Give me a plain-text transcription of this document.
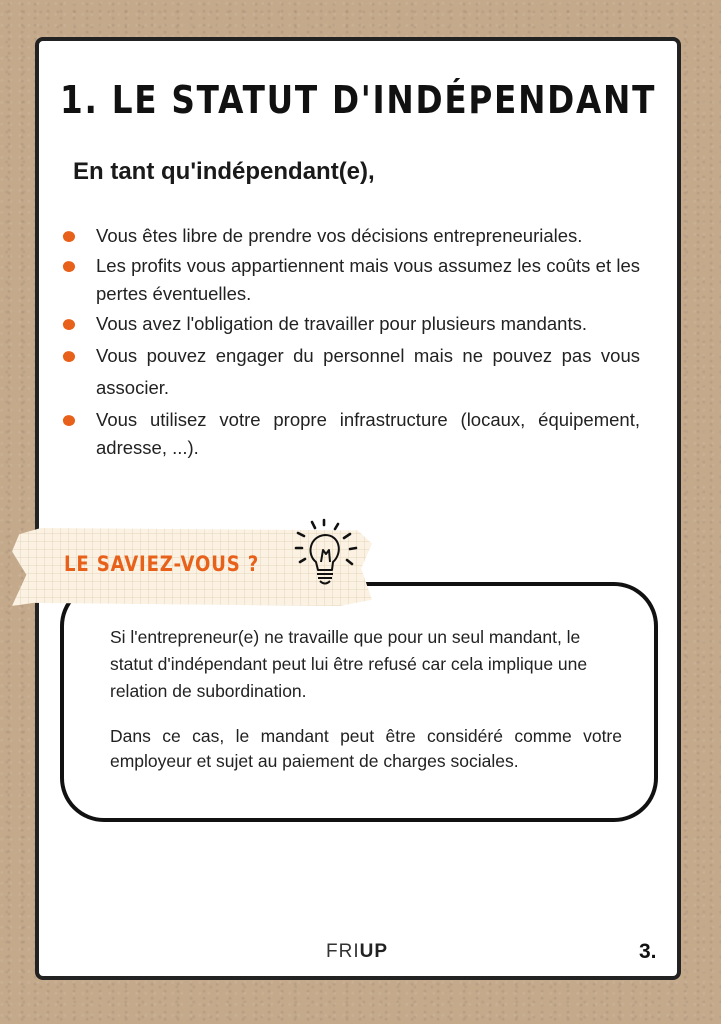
1. LE STATUT D'INDÉPENDANT
En tant qu'indépendant(e),
Vous êtes libre de prendre vos décisions entrepreneuriales.
Les profits vous appartiennent mais vous assumez les coûts et les pertes éventuelles.
Vous avez l'obligation de travailler pour plusieurs mandants.
Vous pouvez engager du personnel mais ne pouvez pas vous associer.
Vous utilisez votre propre infrastructure (locaux, équipement, adresse, ...).

Si l'entrepreneur(e) ne travaille que pour un seul mandant, le statut d'indépendant peut lui être refusé car cela implique une relation de subordination.

Dans ce cas, le mandant peut être considéré comme votre employeur et sujet au paiement de charges sociales.

LE SAVIEZ-VOUS ?
FRIUP	3.
